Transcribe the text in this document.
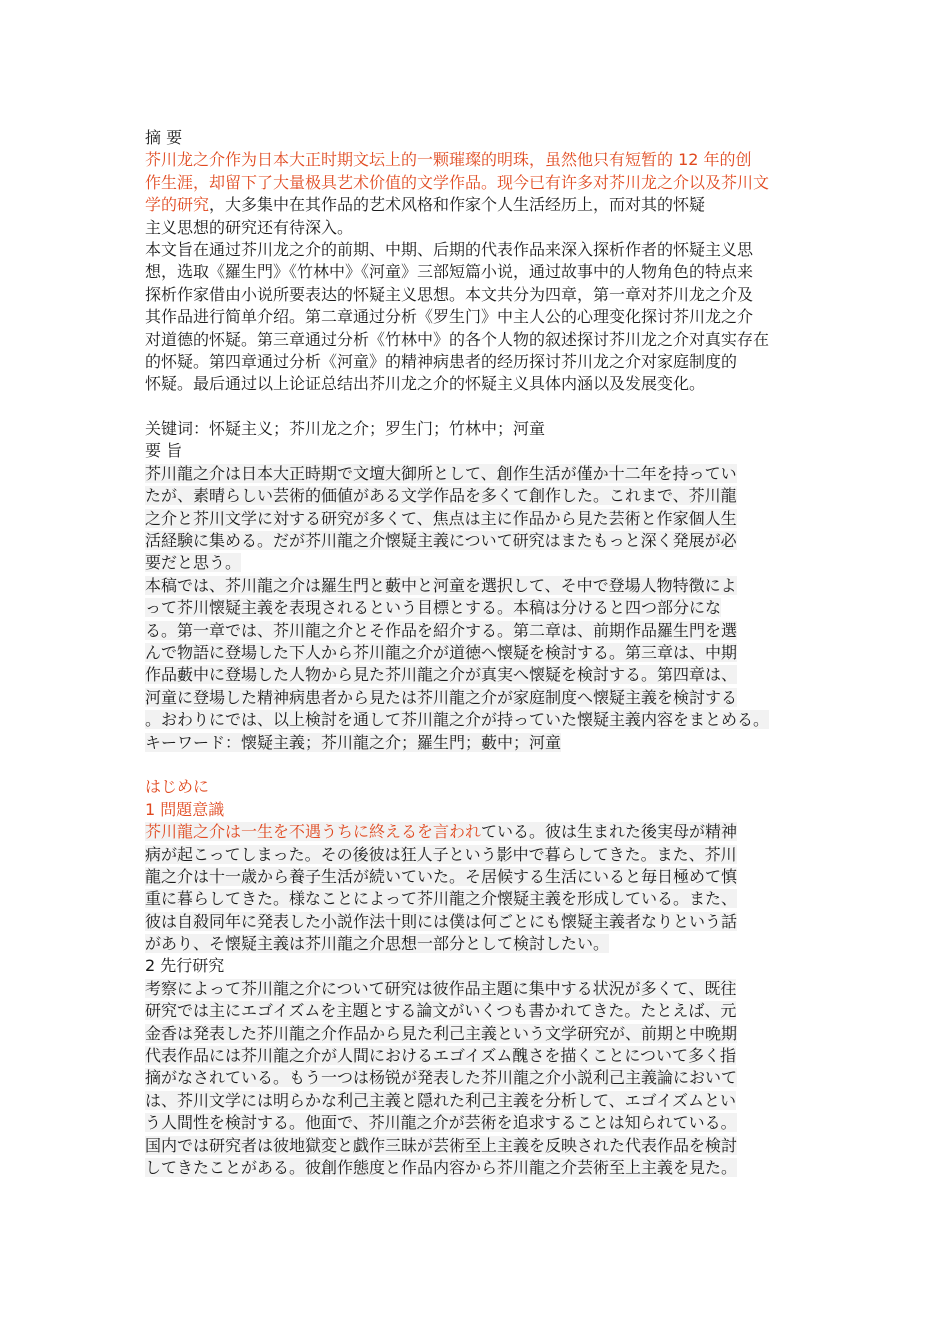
摘 要
芥川龙之介作为日本大正时期文坛上的一颗璀璨的明珠，虽然他只有短暂的 12 年的创
作生涯，却留下了大量极具艺术价值的文学作品。现今已有许多对芥川龙之介以及芥川文
学的研究，大多集中在其作品的艺术风格和作家个人生活经历上，而对其的怀疑
主义思想的研究还有待深入。
本文旨在通过芥川龙之介的前期、中期、后期的代表作品来深入探析作者的怀疑主义思
想，选取《羅生門》《竹林中》《河童》三部短篇小说，通过故事中的人物角色的特点来
探析作家借由小说所要表达的怀疑主义思想。本文共分为四章，第一章对芥川龙之介及
其作品进行简单介绍。第二章通过分析《罗生门》中主人公的心理变化探讨芥川龙之介
对道德的怀疑。第三章通过分析《竹林中》的各个人物的叙述探讨芥川龙之介对真实存在
的怀疑。第四章通过分析《河童》的精神病患者的经历探讨芥川龙之介对家庭制度的
怀疑。最后通过以上论证总结出芥川龙之介的怀疑主义具体内涵以及发展变化。
关键词：怀疑主义；芥川龙之介；罗生门；竹林中；河童
要 旨
芥川龍之介は日本大正時期で文壇大御所として、創作生活が僅か十二年を持ってい
たが、素晴らしい芸術的価値がある文学作品を多くて創作した。これまで、芥川龍
之介と芥川文学に対する研究が多くて、焦点は主に作品から見た芸術と作家個人生
活経験に集める。だが芥川龍之介懐疑主義について研究はまたもっと深く発展が必
要だと思う。
本稿では、芥川龍之介は羅生門と藪中と河童を選択して、そ中で登場人物特徴によ
って芥川懐疑主義を表現されるという目標とする。本稿は分けると四つ部分にな
る。第一章では、芥川龍之介とそ作品を紹介する。第二章は、前期作品羅生門を選
んで物語に登場した下人から芥川龍之介が道徳へ懐疑を検討する。第三章は、中期
作品藪中に登場した人物から見た芥川龍之介が真実へ懐疑を検討する。第四章は、
河童に登場した精神病患者から見たは芥川龍之介が家庭制度へ懐疑主義を検討する
。おわりにでは、以上検討を通して芥川龍之介が持っていた懐疑主義内容をまとめる。
キーワード：懐疑主義；芥川龍之介；羅生門；藪中；河童
はじめに
1 問題意識
芥川龍之介は一生を不遇うちに終えるを言われている。彼は生まれた後実母が精神
病が起こってしまった。その後彼は狂人子という影中で暮らしてきた。また、芥川
龍之介は十一歳から養子生活が続いていた。そ居候する生活にいると毎日極めて慎
重に暮らしてきた。様なことによって芥川龍之介懐疑主義を形成している。また、
彼は自殺同年に発表した小説作法十則には僕は何ごとにも懐疑主義者なりという話
があり、そ懐疑主義は芥川龍之介思想一部分として検討したい。
2 先行研究
考察によって芥川龍之介について研究は彼作品主題に集中する状況が多くて、既往
研究では主にエゴイズムを主題とする論文がいくつも書かれてきた。たとえば、元
金香は発表した芥川龍之介作品から見た利己主義という文学研究が、前期と中晩期
代表作品には芥川龍之介が人間におけるエゴイズム醜さを描くことについて多く指
摘がなされている。もう一つは杨锐が発表した芥川龍之介小説利己主義論において
は、芥川文学には明らかな利己主義と隠れた利己主義を分析して、エゴイズムとい
う人間性を検討する。他面で、芥川龍之介が芸術を追求することは知られている。
国内では研究者は彼地獄変と戯作三昧が芸術至上主義を反映された代表作品を検討
してきたことがある。彼創作態度と作品内容から芥川龍之介芸術至上主義を見た。
